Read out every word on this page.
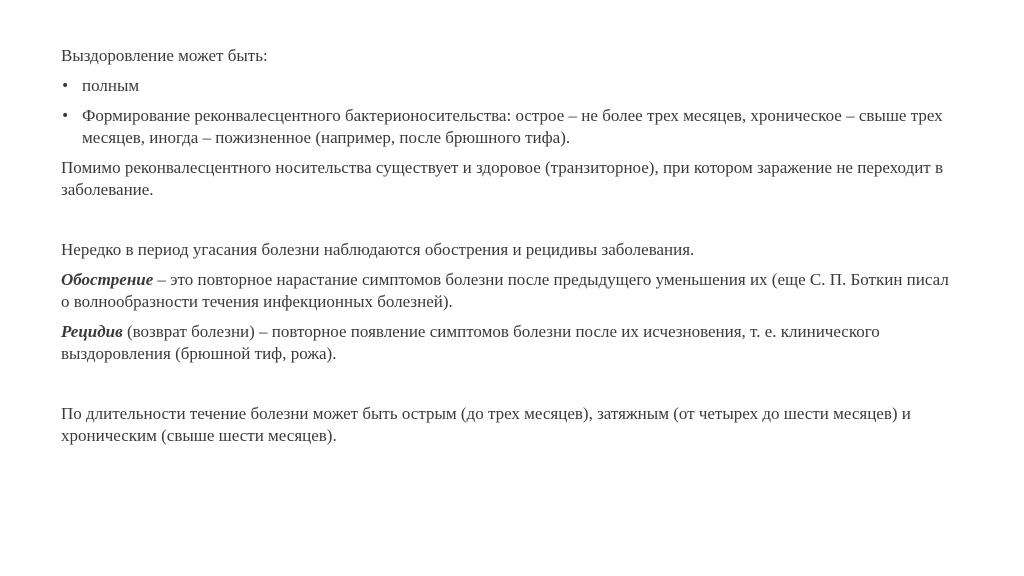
Выздоровление может быть:

• полным
• Формирование реконвалесцентного бактерионосительства: острое – не более трех месяцев, хроническое – свыше трех месяцев, иногда – пожизненное (например, после брюшного тифа).

Помимо реконвалесцентного носительства существует и здоровое (транзиторное), при котором заражение не переходит в заболевание.

Нередко в период угасания болезни наблюдаются обострения и рецидивы заболевания.

Обострение – это повторное нарастание симптомов болезни после предыдущего уменьшения их (еще С. П. Боткин писал о волнообразности течения инфекционных болезней).

Рецидив (возврат болезни) – повторное появление симптомов болезни после их исчезновения, т. е. клинического выздоровления (брюшной тиф, рожа).

По длительности течение болезни может быть острым (до трех месяцев), затяжным (от четырех до шести месяцев) и хроническим (свыше шести месяцев).
